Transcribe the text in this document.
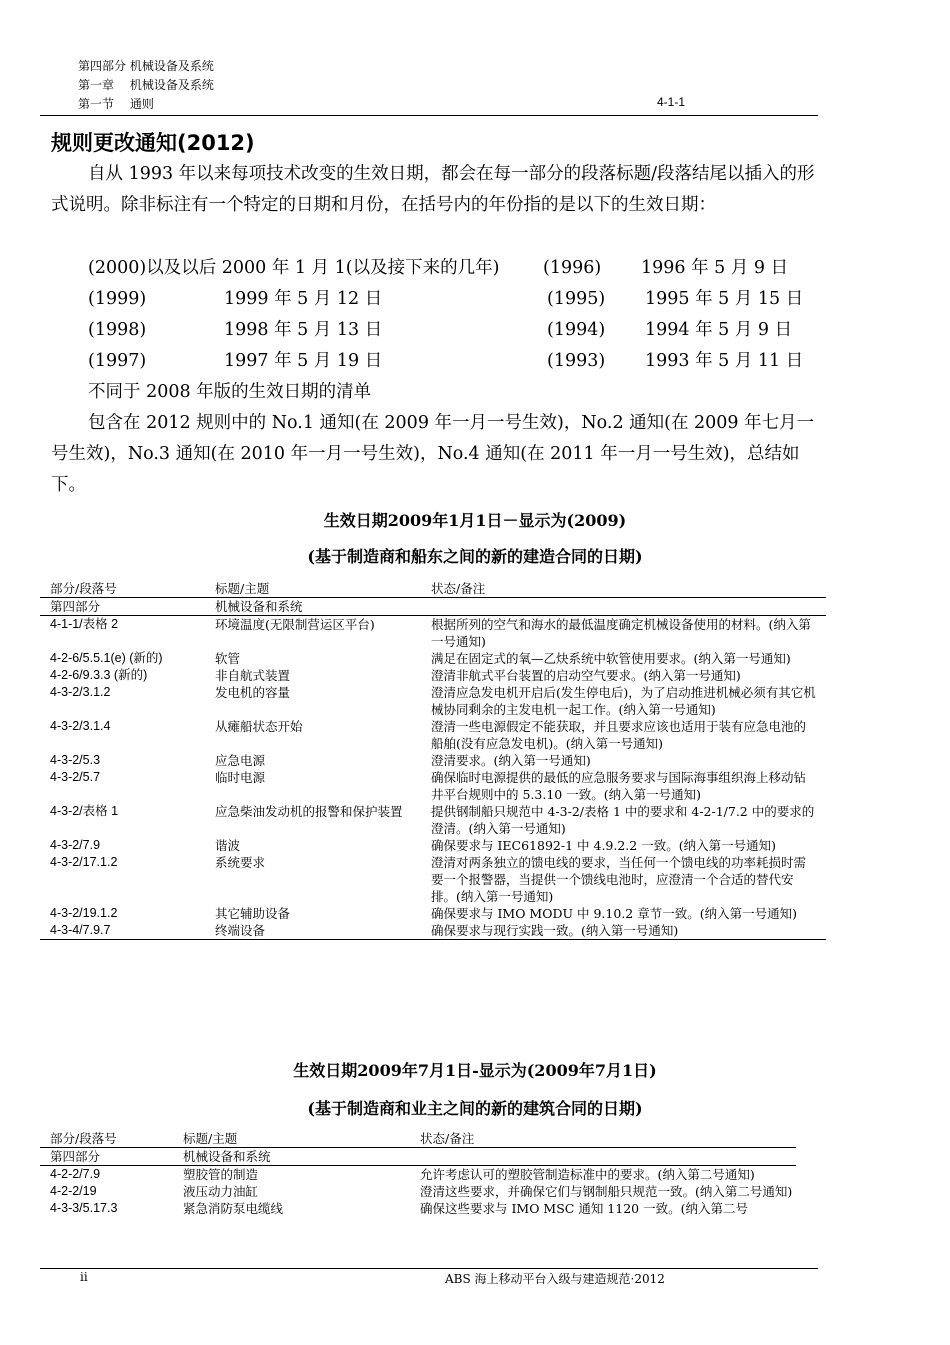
第四部分 机械设备及系统
第一章　 机械设备及系统
第一节　 通则	4-1-1
规则更改通知(2012)
自从 1993 年以来每项技术改变的生效日期，都会在每一部分的段落标题/段落结尾以插入的形式说明。除非标注有一个特定的日期和月份，在括号内的年份指的是以下的生效日期：
(2000)以及以后 2000 年 1 月 1(以及接下来的几年) (1996) 1996 年 5 月 9 日
(1999)	1999 年 5 月 12 日	(1995) 1995 年 5 月 15 日
(1998)	1998 年 5 月 13 日	(1994) 1994 年 5 月 9 日
(1997)	1997 年 5 月 19 日	(1993) 1993 年 5 月 11 日
不同于 2008 年版的生效日期的清单
包含在 2012 规则中的 No.1 通知(在 2009 年一月一号生效)，No.2 通知(在 2009 年七月一号生效)，No.3 通知(在 2010 年一月一号生效)，No.4 通知(在 2011 年一月一号生效)，总结如下。
生效日期2009年1月1日－显示为(2009)
(基于制造商和船东之间的新的建造合同的日期)
部分/段落号	标题/主题	状态/备注
第四部分	机械设备和系统	
4-1-1/表格 2	环境温度(无限制营运区平台)	根据所列的空气和海水的最低温度确定机械设备使用的材料。(纳入第一号通知)
4-2-6/5.5.1(e) (新的)	软管	满足在固定式的氧—乙炔系统中软管使用要求。(纳入第一号通知)
4-2-6/9.3.3 (新的)	非自航式装置	澄清非航式平台装置的启动空气要求。(纳入第一号通知)
4-3-2/3.1.2	发电机的容量	澄清应急发电机开启后(发生停电后)，为了启动推进机械必须有其它机械协同剩余的主发电机一起工作。(纳入第一号通知)
4-3-2/3.1.4	从瘫船状态开始	澄清一些电源假定不能获取，并且要求应该也适用于装有应急电池的船舶(没有应急发电机)。(纳入第一号通知)
4-3-2/5.3	应急电源	澄清要求。(纳入第一号通知)
4-3-2/5.7	临时电源	确保临时电源提供的最低的应急服务要求与国际海事组织海上移动钻井平台规则中的 5.3.10 一致。(纳入第一号通知)
4-3-2/表格 1	应急柴油发动机的报警和保护装置	提供钢制船只规范中 4-3-2/表格 1 中的要求和 4-2-1/7.2 中的要求的澄清。(纳入第一号通知)
4-3-2/7.9	谐波	确保要求与 IEC61892-1 中 4.9.2.2 一致。(纳入第一号通知)
4-3-2/17.1.2	系统要求	澄清对两条独立的馈电线的要求，当任何一个馈电线的功率耗损时需要一个报警器，当提供一个馈线电池时，应澄清一个合适的替代安排。(纳入第一号通知)
4-3-2/19.1.2	其它辅助设备	确保要求与 IMO MODU 中 9.10.2 章节一致。(纳入第一号通知)
4-3-4/7.9.7	终端设备	确保要求与现行实践一致。(纳入第一号通知)
生效日期2009年7月1日-显示为(2009年7月1日)
(基于制造商和业主之间的新的建筑合同的日期)
部分/段落号	标题/主题	状态/备注
第四部分	机械设备和系统	
4-2-2/7.9	塑胶管的制造	允许考虑认可的塑胶管制造标准中的要求。(纳入第二号通知)
4-2-2/19	液压动力油缸	澄清这些要求，并确保它们与钢制船只规范一致。(纳入第二号通知)
4-3-3/5.17.3	紧急消防泵电缆线	确保这些要求与 IMO MSC 通知 1120 一致。(纳入第二号
ii	ABS 海上移动平台入级与建造规范·2012
